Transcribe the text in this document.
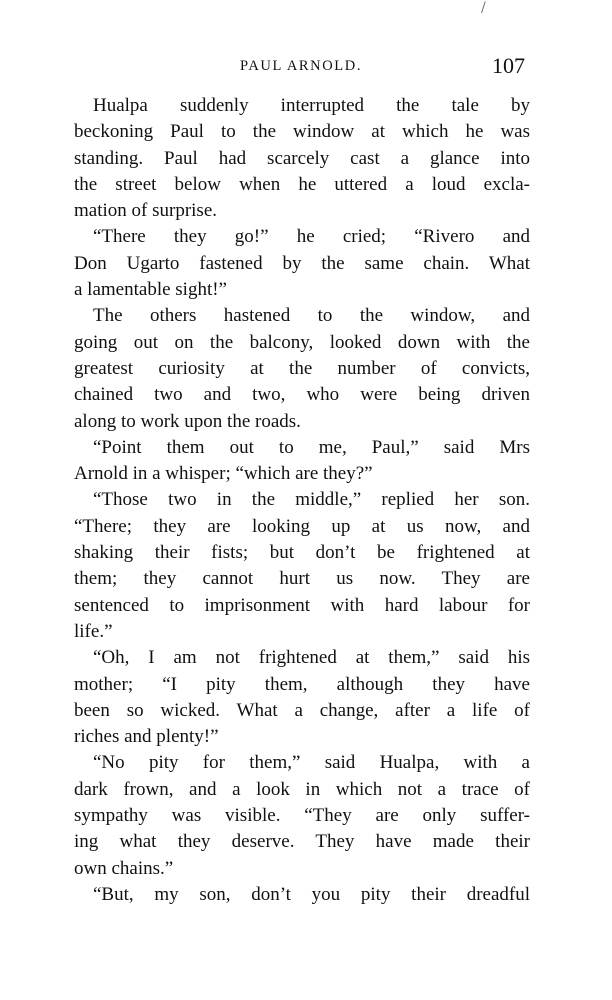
/
PAUL ARNOLD.	107
Hualpa suddenly interrupted the tale by
beckoning Paul to the window at which he was
standing. Paul had scarcely cast a glance into
the street below when he uttered a loud excla-
mation of surprise.
“There they go!” he cried; “Rivero and
Don Ugarto fastened by the same chain. What
a lamentable sight!”
The others hastened to the window, and
going out on the balcony, looked down with the
greatest curiosity at the number of convicts,
chained two and two, who were being driven
along to work upon the roads.
“Point them out to me, Paul,” said Mrs
Arnold in a whisper; “which are they?”
“Those two in the middle,” replied her son.
“There; they are looking up at us now, and
shaking their fists; but don’t be frightened at
them; they cannot hurt us now. They are
sentenced to imprisonment with hard labour for
life.”
“Oh, I am not frightened at them,” said his
mother; “I pity them, although they have
been so wicked. What a change, after a life of
riches and plenty!”
“No pity for them,” said Hualpa, with a
dark frown, and a look in which not a trace of
sympathy was visible. “They are only suffer-
ing what they deserve. They have made their
own chains.”
“But, my son, don’t you pity their dreadful
